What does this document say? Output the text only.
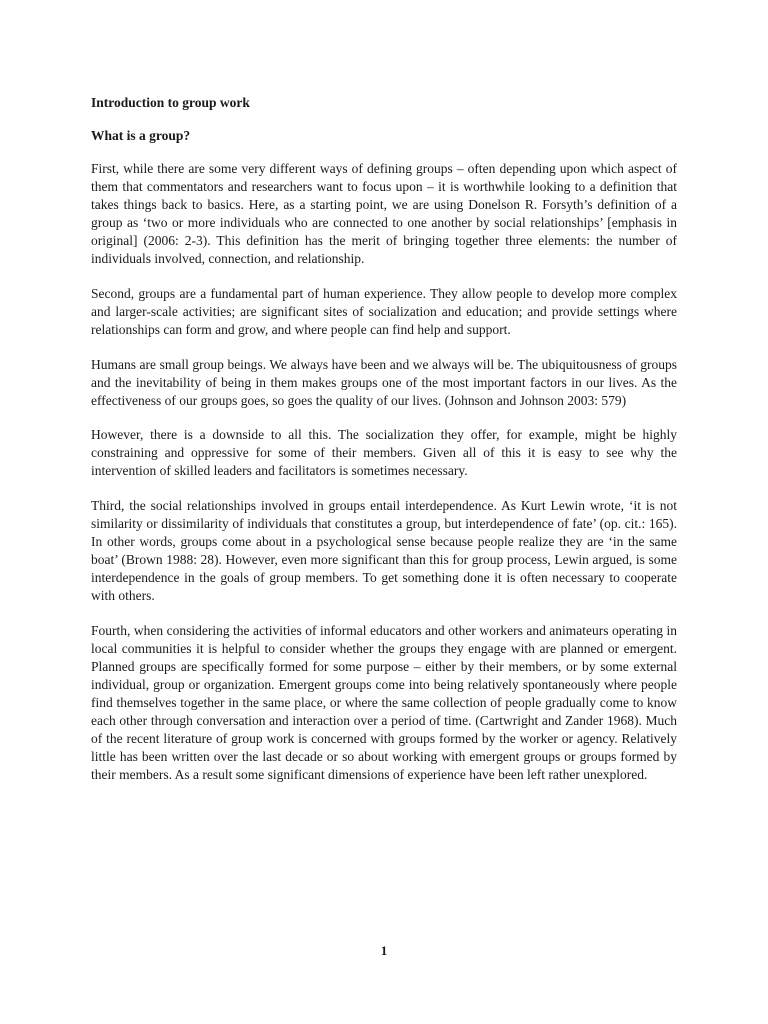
Introduction to group work
What is a group?

First, while there are some very different ways of defining groups – often depending upon which aspect of them that commentators and researchers want to focus upon – it is worthwhile looking to a definition that takes things back to basics. Here, as a starting point, we are using Donelson R. Forsyth’s definition of a group as ‘two or more individuals who are connected to one another by social relationships’ [emphasis in original] (2006: 2-3). This definition has the merit of bringing together three elements: the number of individuals involved, connection, and relationship.

Second, groups are a fundamental part of human experience. They allow people to develop more complex and larger-scale activities; are significant sites of socialization and education; and provide settings where relationships can form and grow, and where people can find help and support.

Humans are small group beings. We always have been and we always will be. The ubiquitousness of groups and the inevitability of being in them makes groups one of the most important factors in our lives. As the effectiveness of our groups goes, so goes the quality of our lives. (Johnson and Johnson 2003: 579)

However, there is a downside to all this. The socialization they offer, for example, might be highly constraining and oppressive for some of their members. Given all of this it is easy to see why the intervention of skilled leaders and facilitators is sometimes necessary.

Third, the social relationships involved in groups entail interdependence. As Kurt Lewin wrote, ‘it is not similarity or dissimilarity of individuals that constitutes a group, but interdependence of fate’ (op. cit.: 165). In other words, groups come about in a psychological sense because people realize they are ‘in the same boat’ (Brown 1988: 28). However, even more significant than this for group process, Lewin argued, is some interdependence in the goals of group members. To get something done it is often necessary to cooperate with others.

Fourth, when considering the activities of informal educators and other workers and animateurs operating in local communities it is helpful to consider whether the groups they engage with are planned or emergent. Planned groups are specifically formed for some purpose – either by their members, or by some external individual, group or organization. Emergent groups come into being relatively spontaneously where people find themselves together in the same place, or where the same collection of people gradually come to know each other through conversation and interaction over a period of time. (Cartwright and Zander 1968). Much of the recent literature of group work is concerned with groups formed by the worker or agency. Relatively little has been written over the last decade or so about working with emergent groups or groups formed by their members. As a result some significant dimensions of experience have been left rather unexplored.

1
